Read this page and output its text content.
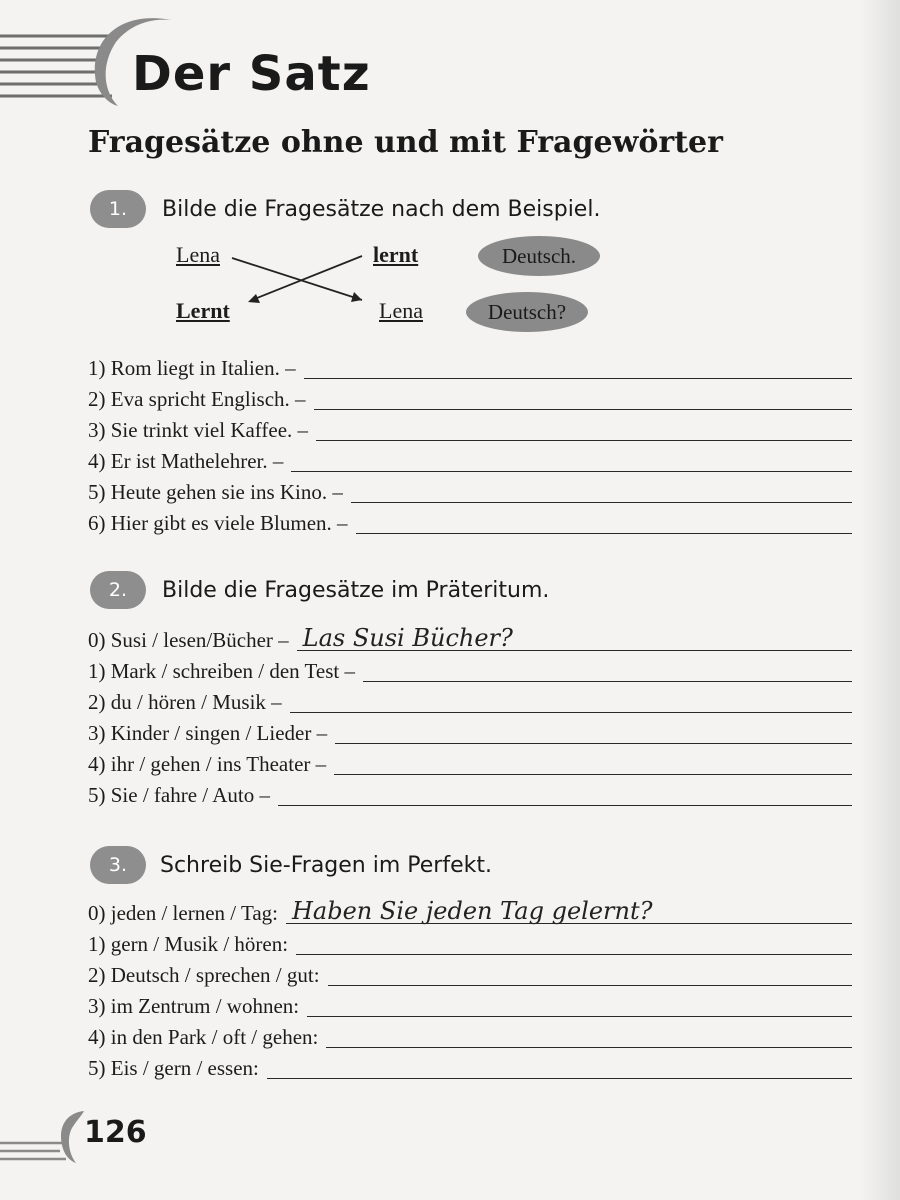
Der Satz
Fragesätze ohne und mit Fragewörter
1.	Bilde die Fragesätze nach dem Beispiel.
Lena	lernt	Deutsch.
Lernt	Lena	Deutsch?
1) Rom liegt in Italien. –
2) Eva spricht Englisch. –
3) Sie trinkt viel Kaffee. –
4) Er ist Mathelehrer. –
5) Heute gehen sie ins Kino. –
6) Hier gibt es viele Blumen. –
2.	Bilde die Fragesätze im Präteritum.
0) Susi / lesen/Bücher – Las Susi Bücher?
1) Mark / schreiben / den Test –
2) du / hören / Musik –
3) Kinder / singen / Lieder –
4) ihr / gehen / ins Theater –
5) Sie / fahre / Auto –
3.	Schreib Sie-Fragen im Perfekt.
0) jeden / lernen / Tag: Haben Sie jeden Tag gelernt?
1) gern / Musik / hören:
2) Deutsch / sprechen / gut:
3) im Zentrum / wohnen:
4) in den Park / oft / gehen:
5) Eis / gern / essen:
126
